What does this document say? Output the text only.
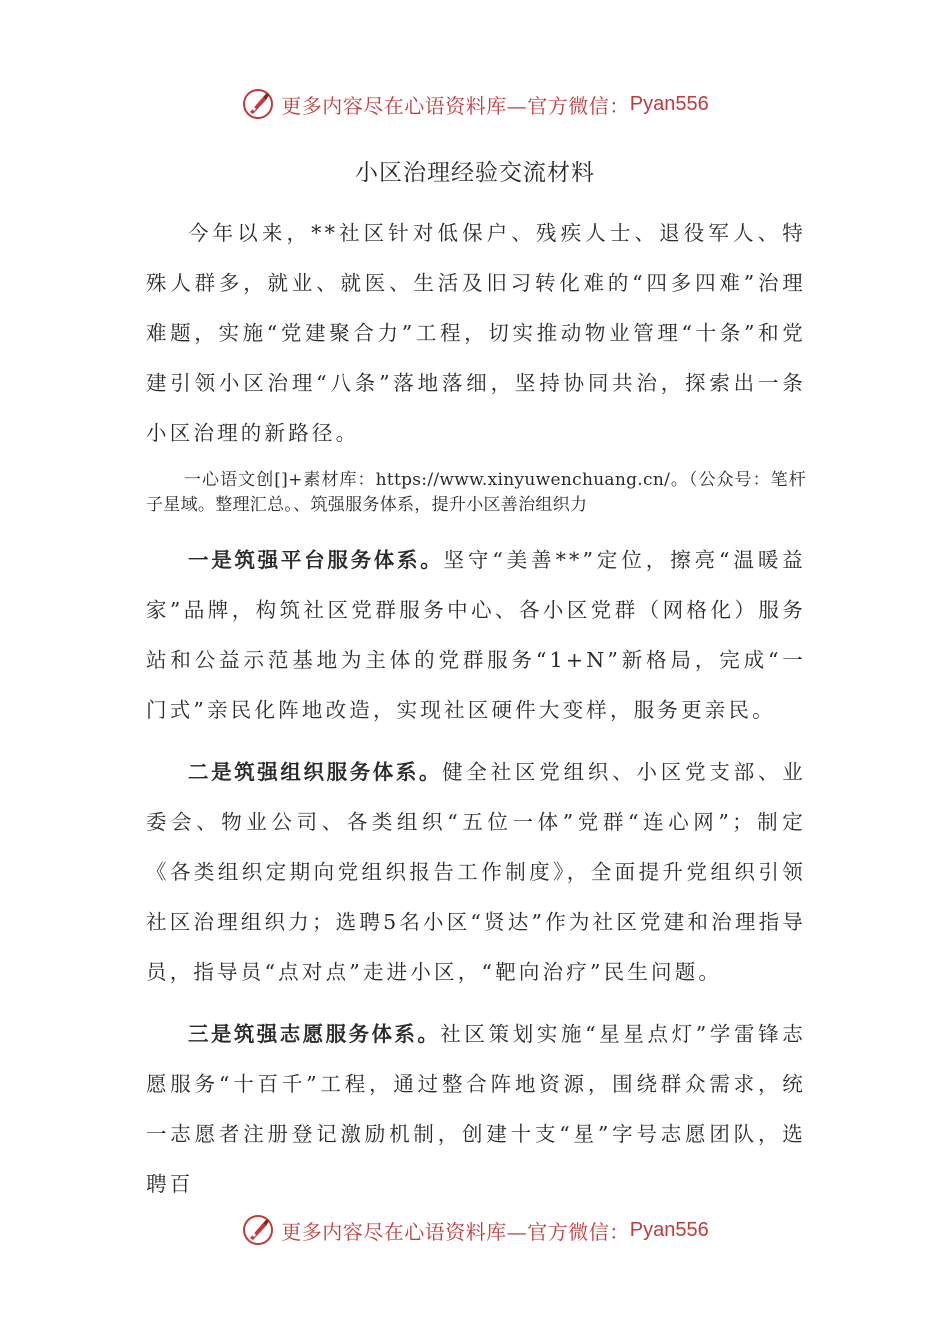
更多内容尽在心语资料库—官方微信： Pyan556
小区治理经验交流材料

今年以来，**社区针对低保户、残疾人士、退役军人、特殊人群多，就业、就医、生活及旧习转化难的“四多四难”治理难题，实施“党建聚合力”工程，切实推动物业管理“十条”和党建引领小区治理“八条”落地落细，坚持协同共治，探索出一条小区治理的新路径。

一心语文创[]+素材库：https://www.xinyuwenchuang.cn/。（公众号：笔杆子星域。整理汇总。、筑强服务体系，提升小区善治组织力

一是筑强平台服务体系。坚守“美善**”定位，擦亮“温暖益家”品牌，构筑社区党群服务中心、各小区党群（网格化）服务站和公益示范基地为主体的党群服务“1+N”新格局，完成“一门式”亲民化阵地改造，实现社区硬件大变样，服务更亲民。

二是筑强组织服务体系。健全社区党组织、小区党支部、业委会、物业公司、各类组织“五位一体”党群“连心网”；制定《各类组织定期向党组织报告工作制度》，全面提升党组织引领社区治理组织力；选聘5名小区“贤达”作为社区党建和治理指导员，指导员“点对点”走进小区，“靶向治疗”民生问题。

三是筑强志愿服务体系。社区策划实施“星星点灯”学雷锋志愿服务“十百千”工程，通过整合阵地资源，围绕群众需求，统一志愿者注册登记激励机制，创建十支“星”字号志愿团队，选聘百

更多内容尽在心语资料库—官方微信： Pyan556
